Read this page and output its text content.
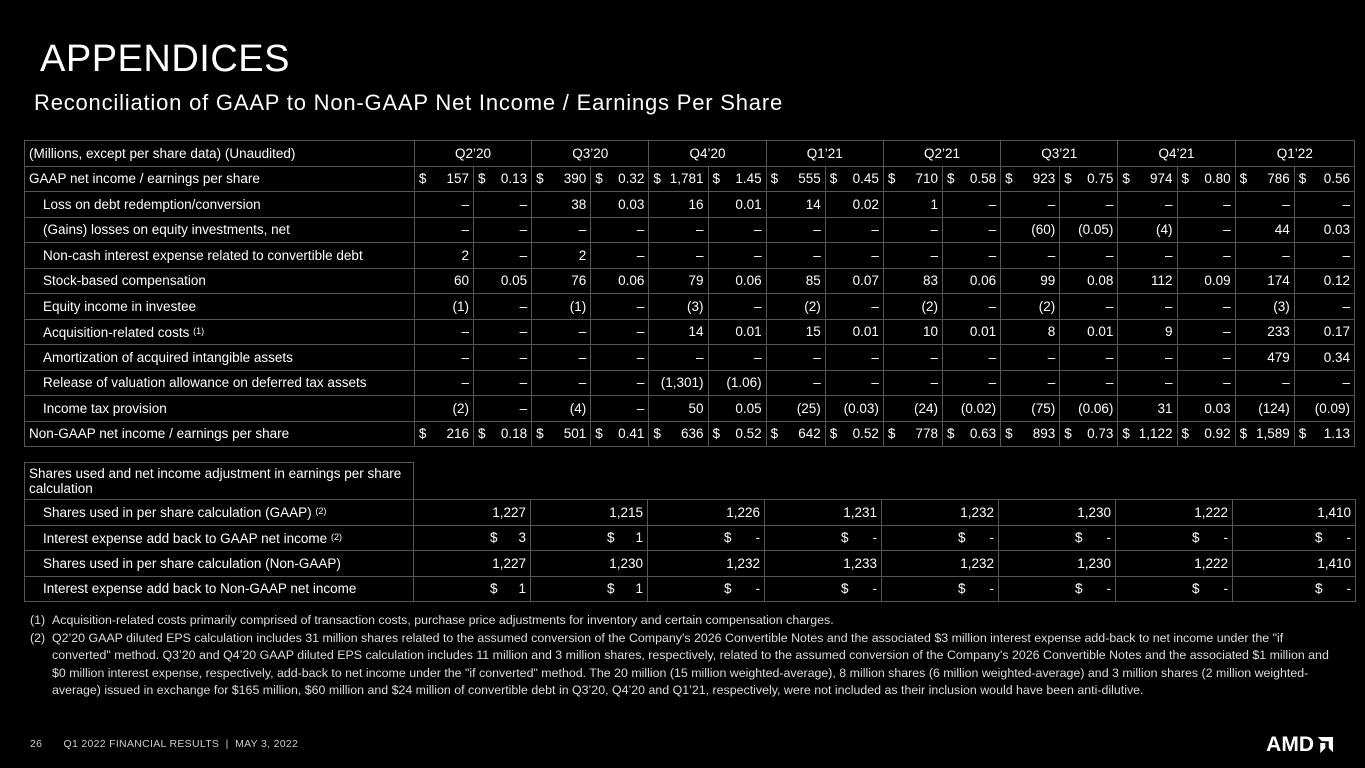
APPENDICES
Reconciliation of GAAP to Non-GAAP Net Income / Earnings Per Share
(Millions, except per share data) (Unaudited)	Q2’20		Q3’20		Q4’20		Q1’21		Q2’21		Q3’21		Q4’21		Q1’22	
GAAP net income / earnings per share	$ 157	$ 0.13	$ 390	$ 0.32	$ 1,781	$ 1.45	$ 555	$ 0.45	$ 710	$ 0.58	$ 923	$ 0.75	$ 974	$ 0.80	$ 786	$ 0.56

Loss on debt redemption/conversion	–	–	38	0.03	16	0.01	14	0.02	1	–	–	–	–	–	–	–
(Gains) losses on equity investments, net	–	–	–	–	–	–	–	–	–	–	(60)	(0.05)	(4)	–	44	0.03
Non-cash interest expense related to convertible debt	2	–	2	–	–	–	–	–	–	–	–	–	–	–	–	–
Stock-based compensation	60	0.05	76	0.06	79	0.06	85	0.07	83	0.06	99	0.08	112	0.09	174	0.12
Equity income in investee	(1)	–	(1)	–	(3)	–	(2)	–	(2)	–	(2)	–	–	–	(3)	–
Acquisition-related costs $^{(1)}$	–	–	–	–	14	0.01	15	0.01	10	0.01	8	0.01	9	–	233	0.17
Amortization of acquired intangible assets	–	–	–	–	–	–	–	–	–	–	–	–	–	–	479	0.34
Release of valuation allowance on deferred tax assets	–	–	–	–	(1,301)	(1.06)	–	–	–	–	–	–	–	–	–	–
Income tax provision	(2)	–	(4)	–	50	0.05	(25)	(0.03)	(24)	(0.02)	(75)	(0.06)	31	0.03	(124)	(0.09)
Non-GAAP net income / earnings per share	$ 216	$ 0.18	$ 501	$ 0.41	$ 636	$ 0.52	$ 642	$ 0.52	$ 778	$ 0.63	$ 893	$ 0.73	$ 1,122	$ 0.92	$ 1,589	$ 1.13
Shares used and net income adjustment in earnings per share calculation								
Shares used in per share calculation (GAAP) $^{(2)}$	1,227	1,215	1,226	1,231	1,232	1,230	1,222	1,410
Interest expense add back to GAAP net income $^{(2)}$	$ 3	$ 1	$ -	$ -	$ -	$ -	$ -	$ -

Shares used in per share calculation (Non-GAAP)	1,227	1,230	1,232	1,233	1,232	1,230	1,222	1,410
Interest expense add back to Non-GAAP net income	$ 1	$ 1	$ -	$ -	$ -	$ -	$ -	$ -
(1) Acquisition-related costs primarily comprised of transaction costs, purchase price adjustments for inventory and certain compensation charges.
(2) Q2’20 GAAP diluted EPS calculation includes 31 million shares related to the assumed conversion of the Company's 2026 Convertible Notes and the associated $3 million interest expense add-back to net income under the "if converted" method. Q3’20 and Q4’20 GAAP diluted EPS calculation includes 11 million and 3 million shares, respectively, related to the assumed conversion of the Company's 2026 Convertible Notes and the associated $1 million and $0 million interest expense, respectively, add-back to net income under the "if converted" method. The 20 million (15 million weighted-average), 8 million shares (6 million weighted-average) and 3 million shares (2 million weighted-average) issued in exchange for $165 million, $60 million and $24 million of convertible debt in Q3’20, Q4’20 and Q1’21, respectively, were not included as their inclusion would have been anti-dilutive.
26 Q1 2022 FINANCIAL RESULTS  |  MAY 3, 2022	AMD
